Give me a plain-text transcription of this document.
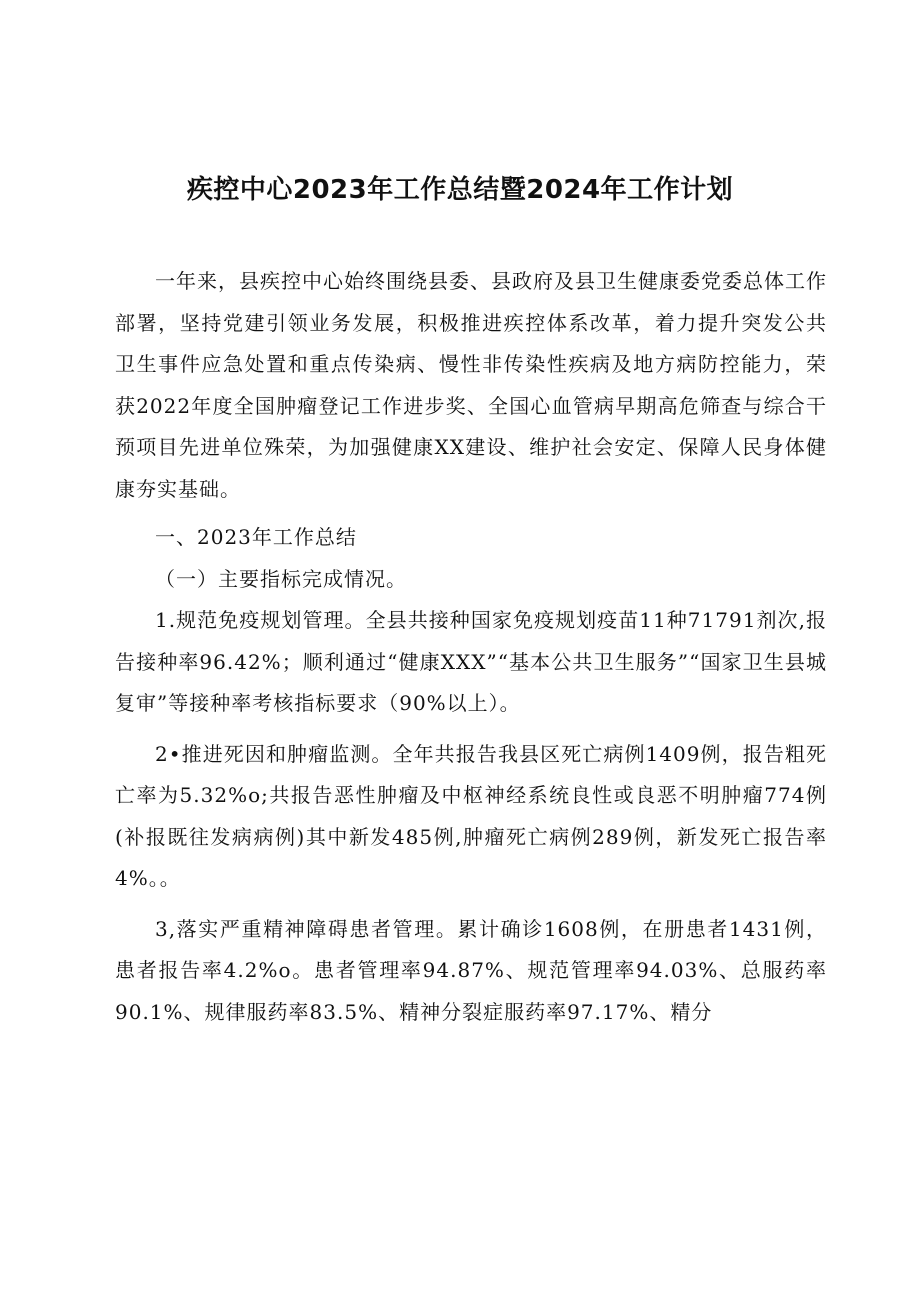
疾控中心2023年工作总结暨2024年工作计划

一年来，县疾控中心始终围绕县委、县政府及县卫生健康委党委总体工作部署，坚持党建引领业务发展，积极推进疾控体系改革，着力提升突发公共卫生事件应急处置和重点传染病、慢性非传染性疾病及地方病防控能力，荣获2022年度全国肿瘤登记工作进步奖、全国心血管病早期高危筛查与综合干预项目先进单位殊荣，为加强健康XX建设、维护社会安定、保障人民身体健康夯实基础。

一、2023年工作总结

（一）主要指标完成情况。

1.规范免疫规划管理。全县共接种国家免疫规划疫苗11种71791剂次,报告接种率96.42%；顺利通过“健康XXX”“基本公共卫生服务”“国家卫生县城复审”等接种率考核指标要求（90%以上）。

2•推进死因和肿瘤监测。全年共报告我县区死亡病例1409例，报告粗死亡率为5.32%o;共报告恶性肿瘤及中枢神经系统良性或良恶不明肿瘤774例(补报既往发病病例)其中新发485例,肿瘤死亡病例289例，新发死亡报告率4%。。

3,落实严重精神障碍患者管理。累计确诊1608例，在册患者1431例，患者报告率4.2%o。患者管理率94.87%、规范管理率94.03%、总服药率90.1%、规律服药率83.5%、精神分裂症服药率97.17%、精分
